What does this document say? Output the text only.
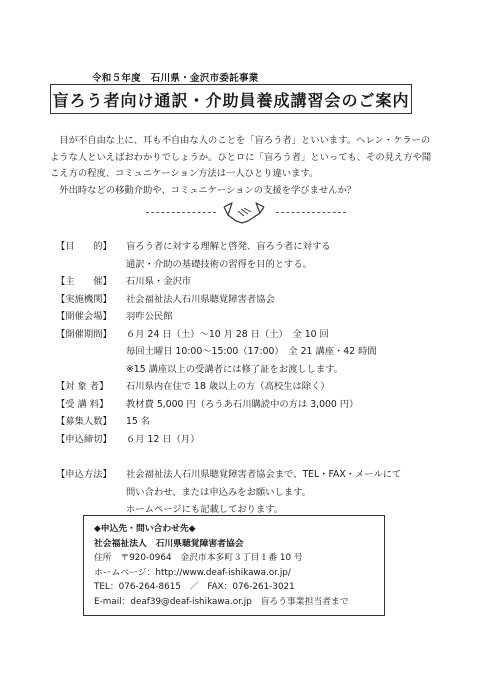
令和５年度　石川県・金沢市委託事業
盲ろう者向け通訳・介助員養成講習会のご案内

目が不自由な上に、耳も不自由な人のことを「盲ろう者」といいます。ヘレン・ケラーのような人といえばおわかりでしょうか。ひとロに「盲ろう者」といっても、その見え方や聞こえ方の程度、コミュニケーション方法は一人ひとり違います。

外出時などの移動介助や、コミュニケーションの支援を学びませんか？

【目　　的】	盲ろう者に対する理解と啓発、盲ろう者に対する
通訳・介助の基礎技術の習得を目的とする。
【主　　催】	石川県・金沢市
【実施機関】	社会福祉法人石川県聴覚障害者協会
【開催会場】	羽咋公民館
【開催期間】	６月 24 日（土）～10 月 28 日（土）　全 10 回
毎回土曜日 10:00～15:00（17:00）　全 21 講座・42 時間
※15 講座以上の受講者には修了証をお渡しします。
【対 象 者】	石川県内在住で 18 歳以上の方（高校生は除く）
【受 講 料】	教材費 5,000 円（ろうあ石川購読中の方は 3,000 円）
【募集人数】	15 名
【申込締切】	６月 12 日（月）
【申込方法】	社会福祉法人石川県聴覚障害者協会まで、TEL・FAX・メールにて
問い合わせ、または申込みをお願いします。
ホームページにも記載しております。
◆申込先・問い合わせ先◆
社会福祉法人　石川県聴覚障害者協会
住所　〒920-0964　金沢市本多町３丁目１番 10 号
ホームページ：http://www.deaf-ishikawa.or.jp/
TEL：076-264-8615　／　FAX：076-261-3021
E-mail：deaf39@deaf-ishikawa.or.jp　盲ろう事業担当者まで
